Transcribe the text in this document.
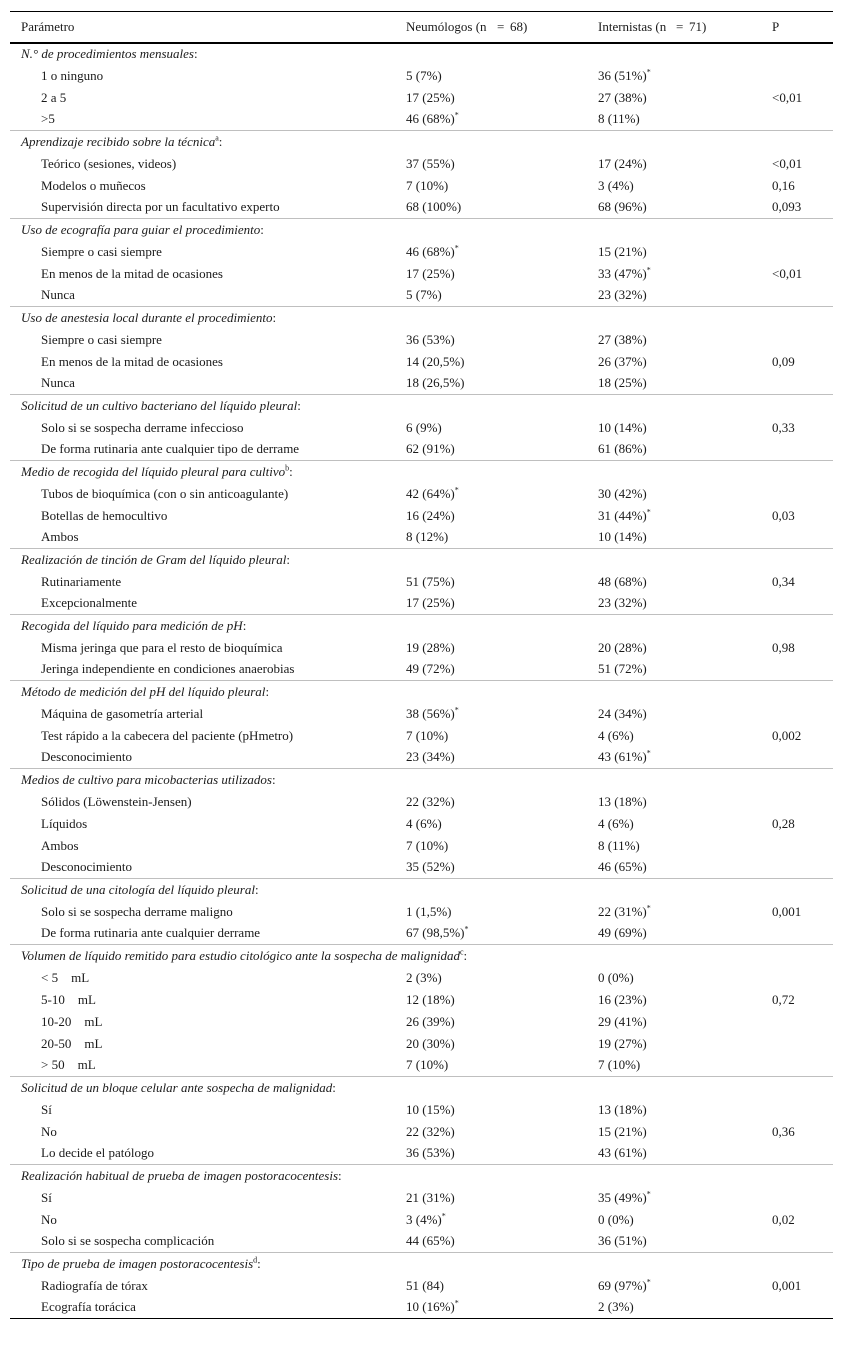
Parámetro	Neumólogos (n	=	68)	Internistas (n	=	71)	P
N.° de procedimientos mensuales:			
1 o ninguno	5 (7%)	36 (51%)*	
2 a 5	17 (25%)	27 (38%)	<0,01
>5	46 (68%)*	8 (11%)	
Aprendizaje recibido sobre la técnica$^a$:			
Teórico (sesiones, videos)	37 (55%)	17 (24%)	<0,01
Modelos o muñecos	7 (10%)	3 (4%)	0,16
Supervisión directa por un facultativo experto	68 (100%)	68 (96%)	0,093
Uso de ecografía para guiar el procedimiento:			
Siempre o casi siempre	46 (68%)*	15 (21%)	
En menos de la mitad de ocasiones	17 (25%)	33 (47%)*	<0,01
Nunca	5 (7%)	23 (32%)	
Uso de anestesia local durante el procedimiento:			
Siempre o casi siempre	36 (53%)	27 (38%)	
En menos de la mitad de ocasiones	14 (20,5%)	26 (37%)	0,09
Nunca	18 (26,5%)	18 (25%)	
Solicitud de un cultivo bacteriano del líquido pleural:			
Solo si se sospecha derrame infeccioso	6 (9%)	10 (14%)	0,33
De forma rutinaria ante cualquier tipo de derrame	62 (91%)	61 (86%)	
Medio de recogida del líquido pleural para cultivo$^b$:			
Tubos de bioquímica (con o sin anticoagulante)	42 (64%)*	30 (42%)	
Botellas de hemocultivo	16 (24%)	31 (44%)*	0,03
Ambos	8 (12%)	10 (14%)	
Realización de tinción de Gram del líquido pleural:			
Rutinariamente	51 (75%)	48 (68%)	0,34
Excepcionalmente	17 (25%)	23 (32%)	
Recogida del líquido para medición de pH:			
Misma jeringa que para el resto de bioquímica	19 (28%)	20 (28%)	0,98
Jeringa independiente en condiciones anaerobias	49 (72%)	51 (72%)	
Método de medición del pH del líquido pleural:			
Máquina de gasometría arterial	38 (56%)*	24 (34%)	
Test rápido a la cabecera del paciente (pHmetro)	7 (10%)	4 (6%)	0,002
Desconocimiento	23 (34%)	43 (61%)*	
Medios de cultivo para micobacterias utilizados:			
Sólidos (Löwenstein-Jensen)	22 (32%)	13 (18%)	
Líquidos	4 (6%)	4 (6%)	0,28
Ambos	7 (10%)	8 (11%)	
Desconocimiento	35 (52%)	46 (65%)	
Solicitud de una citología del líquido pleural:			
Solo si se sospecha derrame maligno	1 (1,5%)	22 (31%)*	0,001
De forma rutinaria ante cualquier derrame	67 (98,5%)*	49 (69%)	
Volumen de líquido remitido para estudio citológico ante la sospecha de malignidad$^c$:			
< 5 mL	2 (3%)	0 (0%)	
5-10 mL	12 (18%)	16 (23%)	0,72
10-20 mL	26 (39%)	29 (41%)	
20-50 mL	20 (30%)	19 (27%)	
> 50 mL	7 (10%)	7 (10%)	
Solicitud de un bloque celular ante sospecha de malignidad:			
Sí	10 (15%)	13 (18%)	
No	22 (32%)	15 (21%)	0,36
Lo decide el patólogo	36 (53%)	43 (61%)	
Realización habitual de prueba de imagen postoracocentesis:			
Sí	21 (31%)	35 (49%)*	
No	3 (4%)*	0 (0%)	0,02
Solo si se sospecha complicación	44 (65%)	36 (51%)	
Tipo de prueba de imagen postoracocentesis$^d$:			
Radiografía de tórax	51 (84)	69 (97%)*	0,001
Ecografía torácica	10 (16%)*	2 (3%)	
